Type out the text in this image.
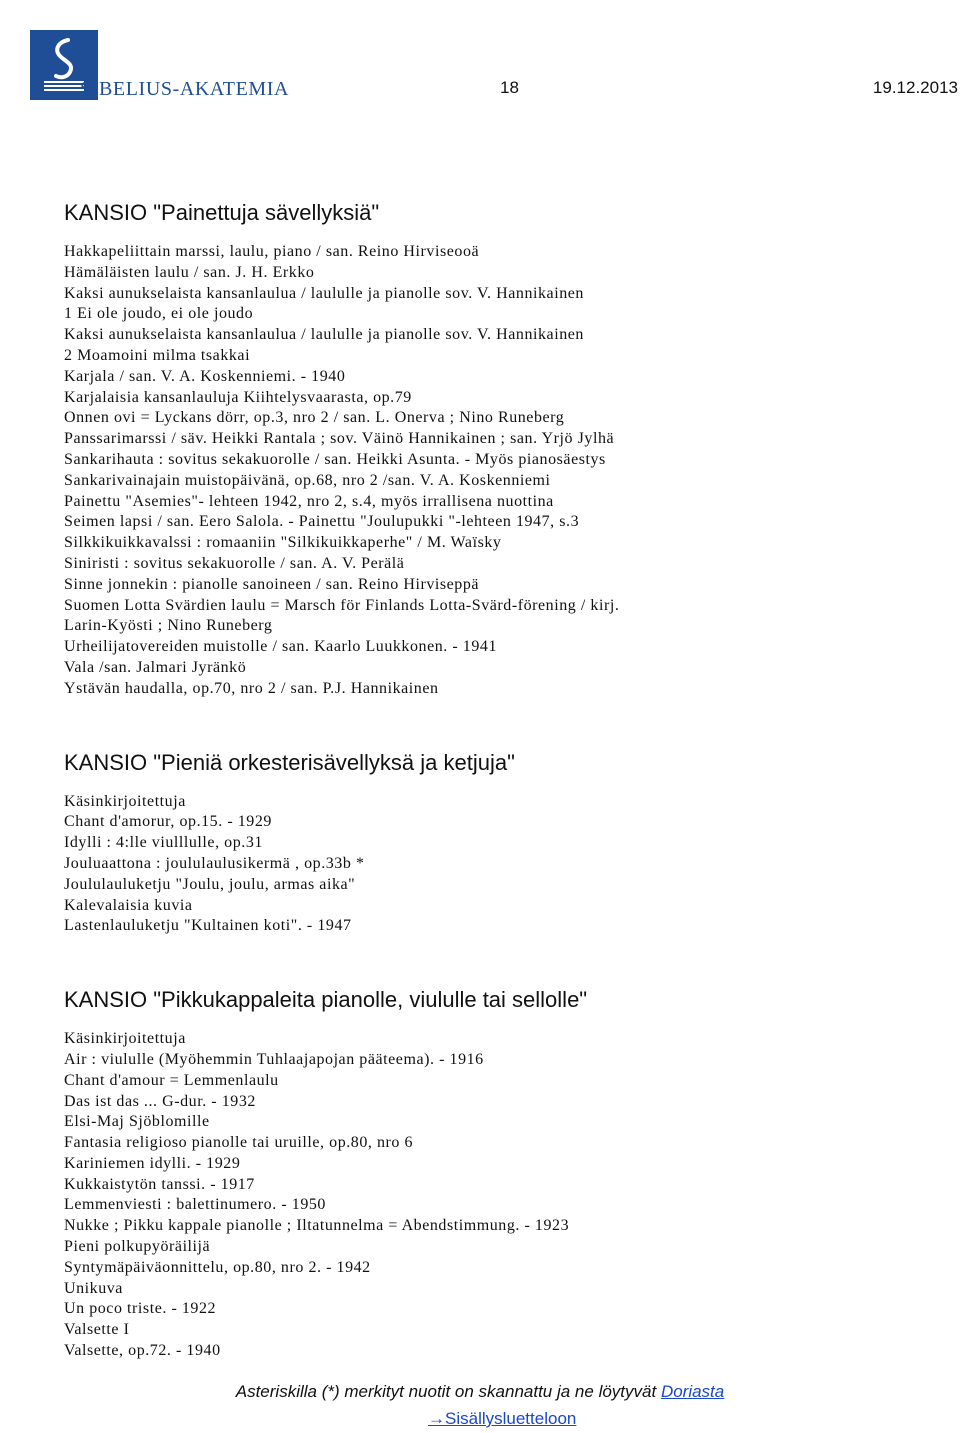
SIBELIUS-AKATEMIA	18	19.12.2013
KANSIO "Painettuja sävellyksiä"
Hakkapeliittain marssi, laulu, piano / san. Reino Hirviseooä
Hämäläisten laulu / san. J. H. Erkko
Kaksi aunukselaista kansanlaulua / laululle ja pianolle sov. V. Hannikainen
1 Ei ole joudo, ei ole joudo
Kaksi aunukselaista kansanlaulua / laululle ja pianolle sov. V. Hannikainen
2 Moamoini milma tsakkai
Karjala / san. V. A. Koskenniemi. - 1940
Karjalaisia kansanlauluja Kiihtelysvaarasta, op.79
Onnen ovi = Lyckans dörr, op.3, nro 2 / san. L. Onerva ; Nino Runeberg
Panssarimarssi / säv. Heikki Rantala ; sov. Väinö Hannikainen ; san. Yrjö Jylhä
Sankarihauta : sovitus sekakuorolle / san. Heikki Asunta. - Myös pianosäestys
Sankarivainajain muistopäivänä, op.68, nro 2 /san. V. A. Koskenniemi
Painettu "Asemies"- lehteen 1942, nro 2, s.4, myös irrallisena nuottina
Seimen lapsi / san. Eero Salola. - Painettu "Joulupukki "-lehteen 1947, s.3
Silkkikuikkavalssi : romaaniin "Silkikuikkaperhe" / M. Waïsky
Siniristi : sovitus sekakuorolle / san. A. V. Perälä
Sinne jonnekin : pianolle sanoineen / san. Reino Hirviseppä
Suomen Lotta Svärdien laulu = Marsch för Finlands Lotta-Svärd-förening / kirj.
Larin-Kyösti ; Nino Runeberg
Urheilijatovereiden muistolle / san. Kaarlo Luukkonen. - 1941
Vala /san. Jalmari Jyränkö
Ystävän haudalla, op.70, nro 2 / san. P.J. Hannikainen
KANSIO "Pieniä orkesterisävellyksä ja ketjuja"
Käsinkirjoitettuja
Chant d'amorur, op.15. - 1929
Idylli : 4:lle viulllulle, op.31
Jouluaattona : joululaulusikermä , op.33b *
Joululauluketju "Joulu, joulu, armas aika"
Kalevalaisia kuvia
Lastenlauluketju "Kultainen koti". - 1947
KANSIO "Pikkukappaleita pianolle, viululle tai sellolle"
Käsinkirjoitettuja
Air : viululle (Myöhemmin Tuhlaajapojan pääteema). - 1916
Chant d'amour = Lemmenlaulu
Das ist das ... G-dur. - 1932
Elsi-Maj Sjöblomille
Fantasia religioso pianolle tai uruille, op.80, nro 6
Kariniemen idylli. - 1929
Kukkaistytön tanssi. - 1917
Lemmenviesti : balettinumero. - 1950
Nukke ; Pikku kappale pianolle ; Iltatunnelma = Abendstimmung. - 1923
Pieni polkupyöräilijä
Syntymäpäiväonnittelu, op.80, nro 2. - 1942
Unikuva
Un poco triste. - 1922
Valsette I
Valsette, op.72. - 1940
Asteriskilla (*) merkityt nuotit on skannattu ja ne löytyvät Doriasta
→Sisällysluetteloon
